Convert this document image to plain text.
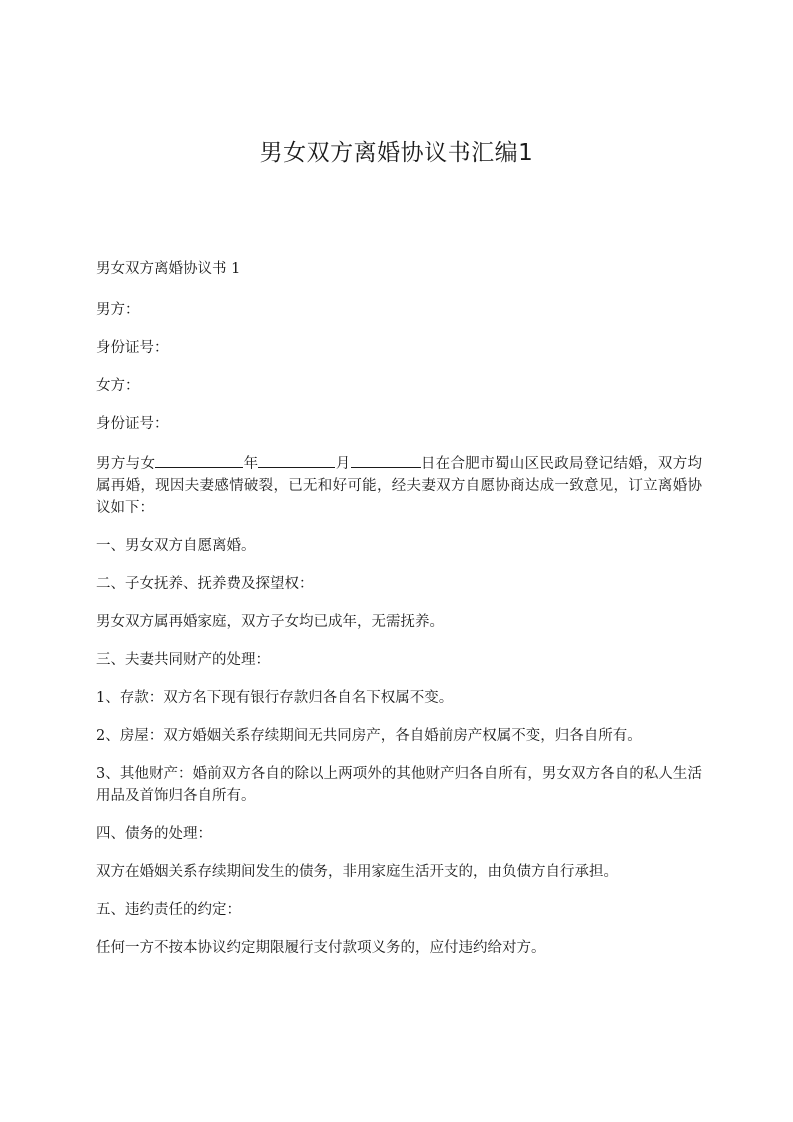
男女双方离婚协议书汇编1

男女双方离婚协议书 1

男方：

身份证号：

女方：

身份证号：

男方与女	年	月	日在合肥市蜀山区民政局登记结婚，双方均属再婚，现因夫妻感情破裂，已无和好可能，经夫妻双方自愿协商达成一致意见，订立离婚协议如下：

一、男女双方自愿离婚。

二、子女抚养、抚养费及探望权：

男女双方属再婚家庭，双方子女均已成年，无需抚养。

三、夫妻共同财产的处理：

1、存款：双方名下现有银行存款归各自名下权属不变。

2、房屋：双方婚姻关系存续期间无共同房产，各自婚前房产权属不变，归各自所有。

3、其他财产：婚前双方各自的除以上两项外的其他财产归各自所有，男女双方各自的私人生活用品及首饰归各自所有。

四、债务的处理：

双方在婚姻关系存续期间发生的债务，非用家庭生活开支的，由负债方自行承担。

五、违约责任的约定：

任何一方不按本协议约定期限履行支付款项义务的，应付违约给对方。
